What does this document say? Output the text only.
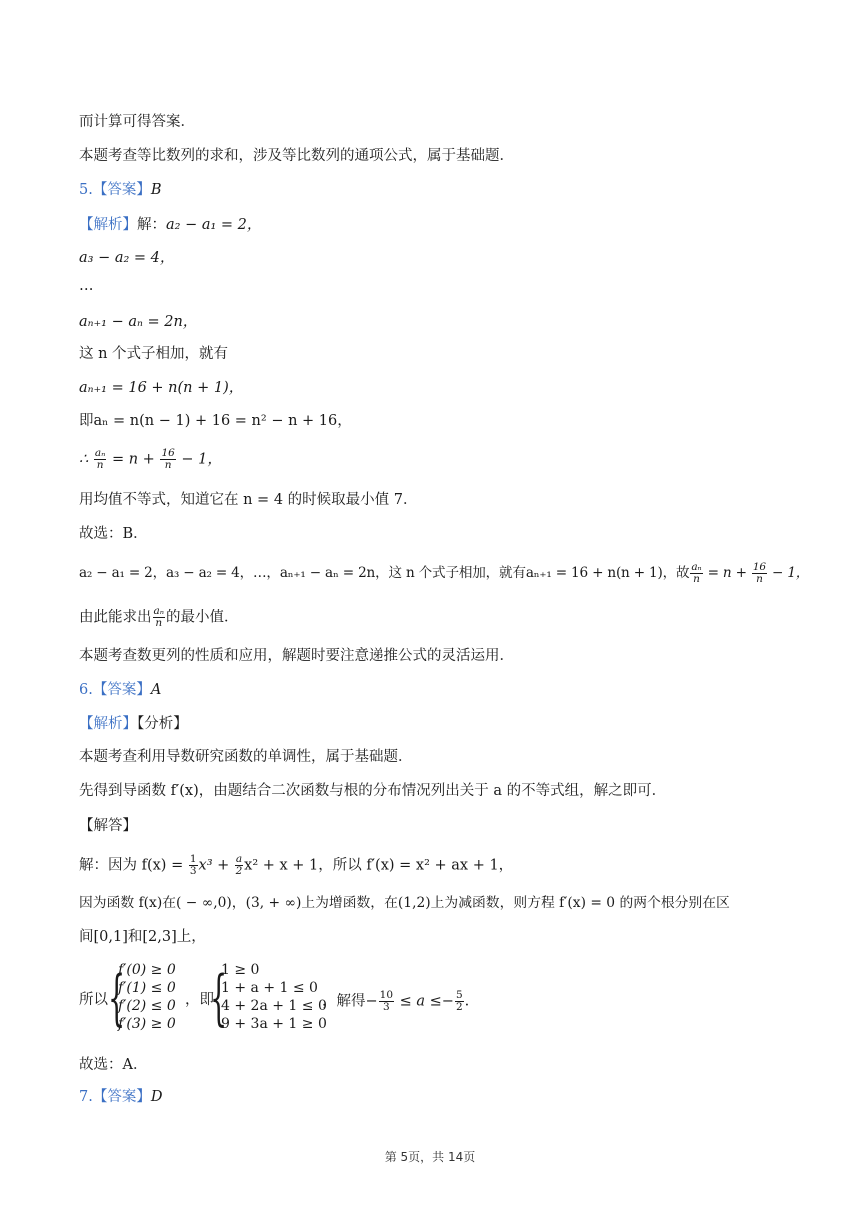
而计算可得答案．
本题考查等比数列的求和，涉及等比数列的通项公式，属于基础题．
5.【答案】B
【解析】解：a₂ − a₁ = 2，
a₃ − a₂ = 4，
…
aₙ₊₁ − aₙ = 2n，
这 n 个式子相加，就有
aₙ₊₁ = 16 + n(n + 1)，
即aₙ = n(n − 1) + 16 = n² − n + 16，
∴ $\frac{\text{aₙ}}{n} = n + \frac{16}{n} - 1$，
用均值不等式，知道它在 n = 4 的时候取最小值 7．
故选：B．
a₂ − a₁ = 2，a₃ − a₂ = 4，…，aₙ₊₁ − aₙ = 2n，这 n 个式子相加，就有aₙ₊₁ = 16 + n(n + 1)，故 $\frac{\text{aₙ}}{n} = n + \frac{16}{n} - 1$，
由此能求出 $\frac{\text{aₙ}}{n}$ 的最小值．
本题考查数更列的性质和应用，解题时要注意递推公式的灵活运用．
6.【答案】A
【解析】【分析】
本题考查利用导数研究函数的单调性，属于基础题．
先得到导函数 f′(x)，由题结合二次函数与根的分布情况列出关于 a 的不等式组，解之即可．
【解答】
解：因为 $f(x) = \frac{1}{3} x^3 + \frac{a}{2} x^2 + x + 1$，所以 f′(x) = x² + ax + 1，
因为函数 f(x)在( − ∞,0)，(3, + ∞)上为增函数，在(1,2)上为减函数，则方程 f′(x) = 0 的两个根分别在区
间[0,1]和[2,3]上，
所以 {
f′(0) ≥ 0
f′(1) ≤ 0
f′(2) ≤ 0
f′(3) ≥ 0
，即
{
1 ≥ 0
1 + a + 1 ≤ 0
4 + 2a + 1 ≤ 0
9 + 3a + 1 ≥ 0
，解得− $\frac{10}{3} \le a \le- \frac{5}{2}$ .
故选：A．
7.【答案】D
第 5页，共 14页
